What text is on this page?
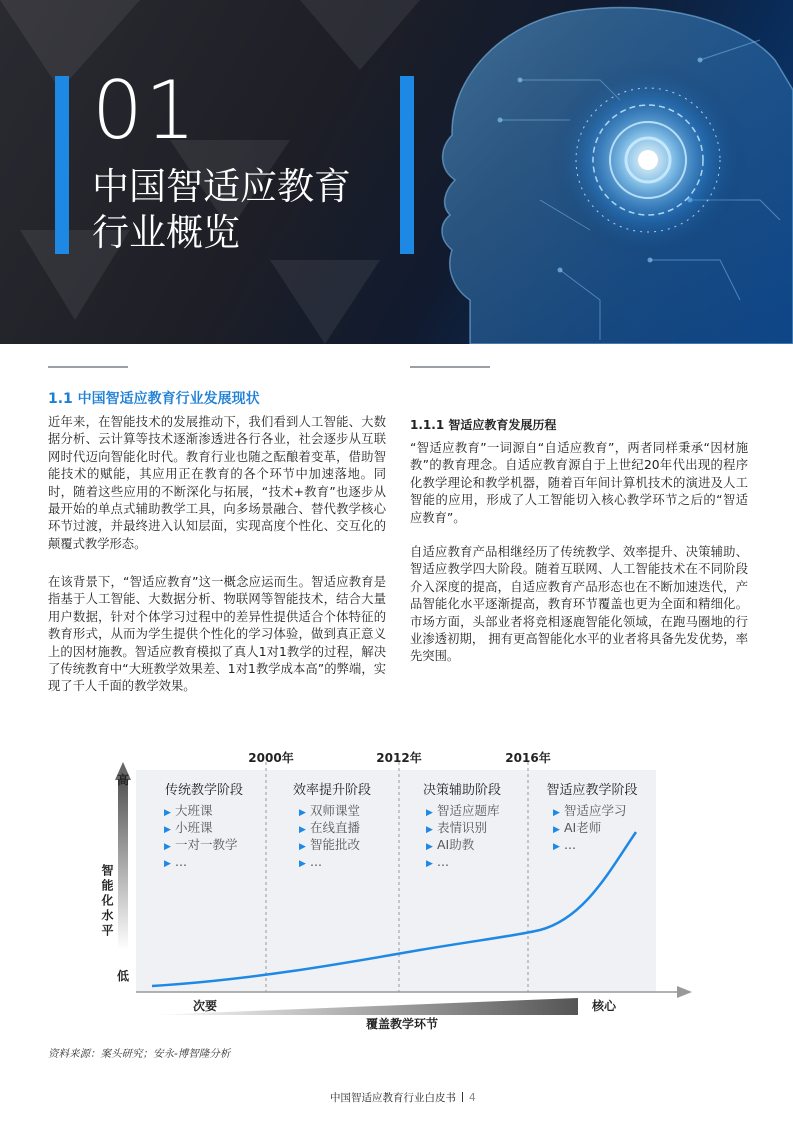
01
中国智适应教育
行业概览
1.1 中国智适应教育行业发展现状

近年来，在智能技术的发展推动下，我们看到人工智能、大数据分析、云计算等技术逐渐渗透进各行各业，社会逐步从互联网时代迈向智能化时代。教育行业也随之酝酿着变革，借助智能技术的赋能，其应用正在教育的各个环节中加速落地。同时，随着这些应用的不断深化与拓展，“技术+教育”也逐步从最开始的单点式辅助教学工具，向多场景融合、替代教学核心环节过渡，并最终进入认知层面，实现高度个性化、交互化的颠覆式教学形态。

在该背景下，“智适应教育”这一概念应运而生。智适应教育是指基于人工智能、大数据分析、物联网等智能技术，结合大量用户数据，针对个体学习过程中的差异性提供适合个体特征的教育形式，从而为学生提供个性化的学习体验，做到真正意义上的因材施教。智适应教育模拟了真人1对1教学的过程，解决了传统教育中“大班教学效果差、1对1教学成本高”的弊端，实现了千人千面的教学效果。

1.1.1 智适应教育发展历程

“智适应教育”一词源自“自适应教育”，两者同样秉承“因材施教”的教育理念。自适应教育源自于上世纪20年代出现的程序化教学理论和教学机器，随着百年间计算机技术的演进及人工智能的应用，形成了人工智能切入核心教学环节之后的“智适应教育”。

自适应教育产品相继经历了传统教学、效率提升、决策辅助、智适应教学四大阶段。随着互联网、人工智能技术在不同阶段介入深度的提高，自适应教育产品形态也在不断加速迭代，产品智能化水平逐渐提高，教育环节覆盖也更为全面和精细化。市场方面，头部业者将竞相逐鹿智能化领域，在跑马圈地的行业渗透初期， 拥有更高智能化水平的业者将具备先发优势，率先突围。

2000年	2012年	2016年
传统教学阶段	效率提升阶段	决策辅助阶段	智适应教学阶段
▶ 大班课
▶ 小班课
▶ 一对一教学
▶ ...
▶ 双师课堂
▶ 在线直播
▶ 智能批改
▶ ...
▶ 智适应题库
▶ 表情识别
▶ AI助教
▶ ...
▶ 智适应学习
▶ AI老师
▶ ...
高
低
智能化水平
次要	核心
覆盖教学环节
资料来源：案头研究；安永-博智隆分析
中国智适应教育行业白皮书 4
